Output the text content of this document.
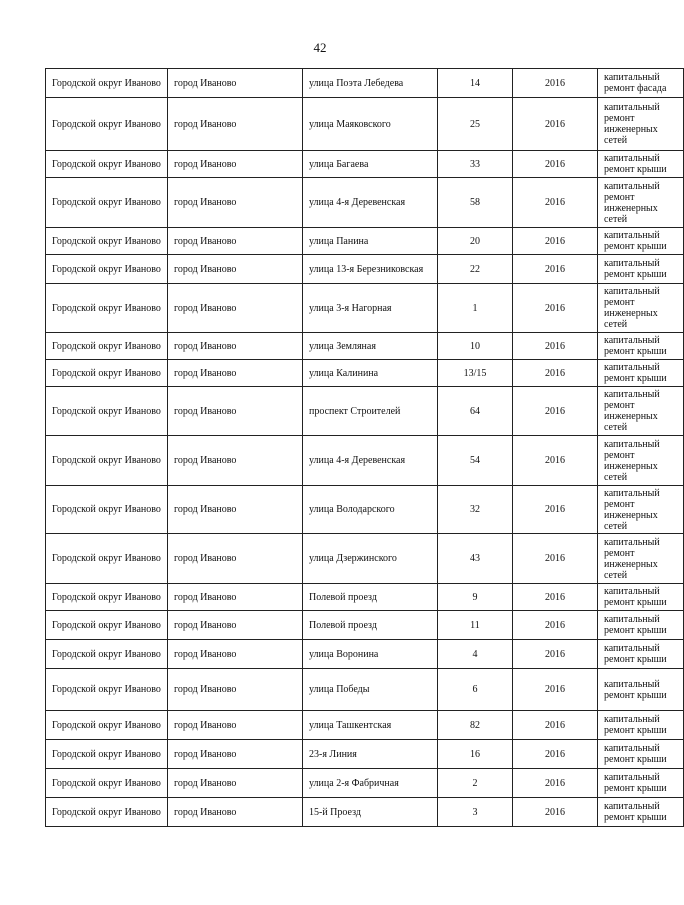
42
Городской округ Иваново	город Иваново	улица Поэта Лебедева	14	2016	капитальный ремонт фасада
Городской округ Иваново	город Иваново	улица Маяковского	25	2016	капитальный ремонт инженерных сетей
Городской округ Иваново	город Иваново	улица Багаева	33	2016	капитальный ремонт крыши
Городской округ Иваново	город Иваново	улица 4-я Деревенская	58	2016	капитальный ремонт инженерных сетей
Городской округ Иваново	город Иваново	улица Панина	20	2016	капитальный ремонт крыши
Городской округ Иваново	город Иваново	улица 13-я Березниковская	22	2016	капитальный ремонт крыши
Городской округ Иваново	город Иваново	улица 3-я Нагорная	1	2016	капитальный ремонт инженерных сетей
Городской округ Иваново	город Иваново	улица Земляная	10	2016	капитальный ремонт крыши
Городской округ Иваново	город Иваново	улица Калинина	13/15	2016	капитальный ремонт крыши
Городской округ Иваново	город Иваново	проспект Строителей	64	2016	капитальный ремонт инженерных сетей
Городской округ Иваново	город Иваново	улица 4-я Деревенская	54	2016	капитальный ремонт инженерных сетей
Городской округ Иваново	город Иваново	улица Володарского	32	2016	капитальный ремонт инженерных сетей
Городской округ Иваново	город Иваново	улица Дзержинского	43	2016	капитальный ремонт инженерных сетей
Городской округ Иваново	город Иваново	Полевой проезд	9	2016	капитальный ремонт крыши
Городской округ Иваново	город Иваново	Полевой проезд	11	2016	капитальный ремонт крыши
Городской округ Иваново	город Иваново	улица Воронина	4	2016	капитальный ремонт крыши
Городской округ Иваново	город Иваново	улица Победы	6	2016	капитальный ремонт крыши
Городской округ Иваново	город Иваново	улица Ташкентская	82	2016	капитальный ремонт крыши
Городской округ Иваново	город Иваново	23-я Линия	16	2016	капитальный ремонт крыши
Городской округ Иваново	город Иваново	улица 2-я Фабричная	2	2016	капитальный ремонт крыши
Городской округ Иваново	город Иваново	15-й Проезд	3	2016	капитальный ремонт крыши
